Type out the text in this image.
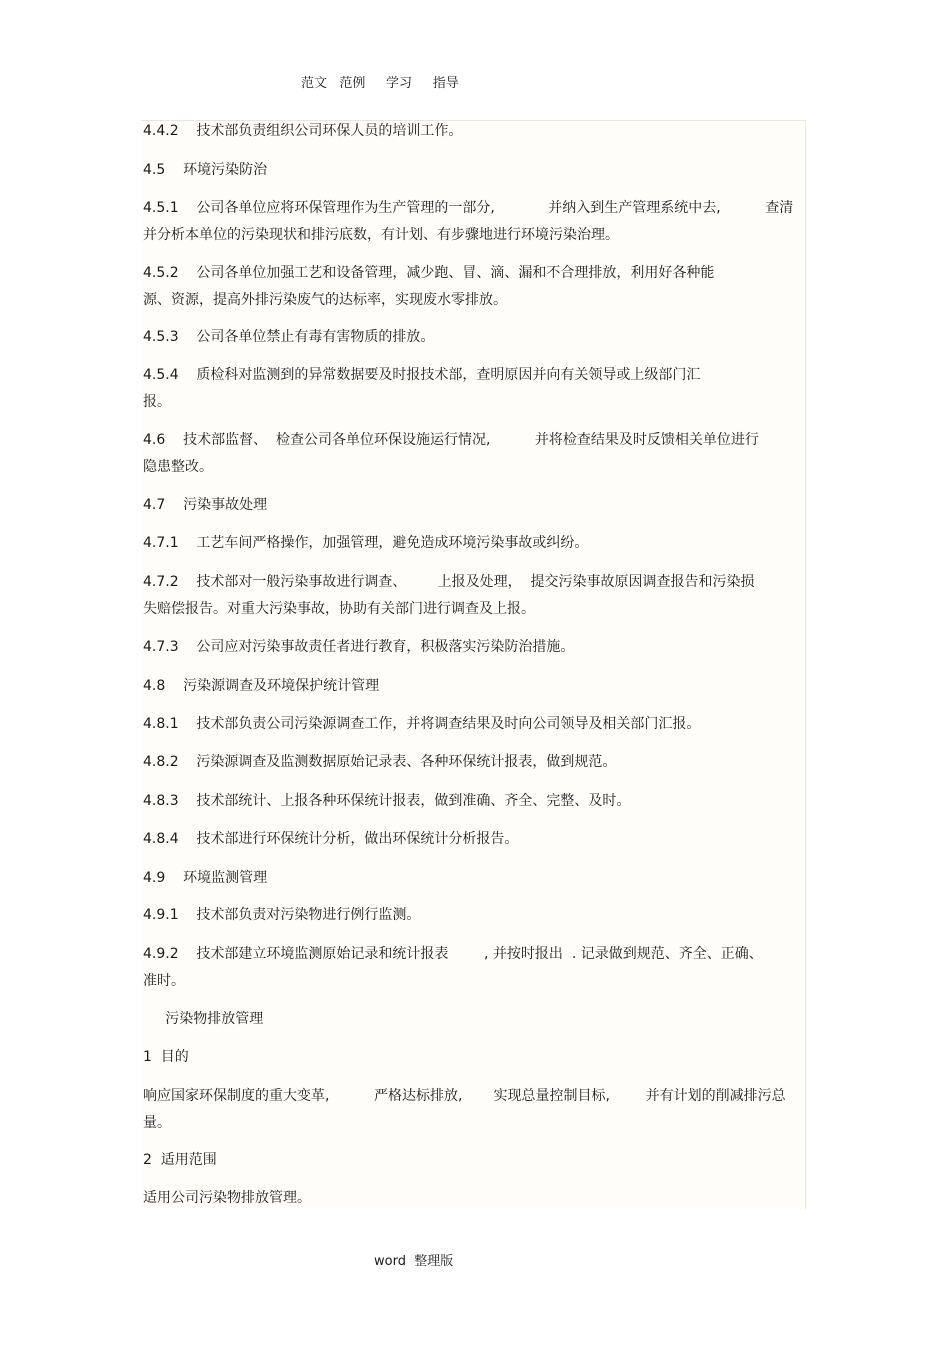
范文   范例     学习     指导

4.4.2    技术部负责组织公司环保人员的培训工作。

4.5    环境污染防治

4.5.1    公司各单位应将环保管理作为生产管理的一部分,            并纳入到生产管理系统中去,          查清
并分析本单位的污染现状和排污底数，有计划、有步骤地进行环境污染治理。

4.5.2    公司各单位加强工艺和设备管理，减少跑、冒、滴、漏和不合理排放，利用好各种能
源、资源，提高外排污染废气的达标率，实现废水零排放。

4.5.3    公司各单位禁止有毒有害物质的排放。

4.5.4    质检科对监测到的异常数据要及时报技术部，查明原因并向有关领导或上级部门汇
报。

4.6    技术部监督、  检查公司各单位环保设施运行情况,          并将检查结果及时反馈相关单位进行
隐患整改。

4.7    污染事故处理

4.7.1    工艺车间严格操作，加强管理，避免造成环境污染事故或纠纷。

4.7.2    技术部对一般污染事故进行调查、       上报及处理，  提交污染事故原因调查报告和污染损
失赔偿报告。对重大污染事故，协助有关部门进行调查及上报。

4.7.3    公司应对污染事故责任者进行教育，积极落实污染防治措施。

4.8    污染源调查及环境保护统计管理

4.8.1    技术部负责公司污染源调查工作，并将调查结果及时向公司领导及相关部门汇报。

4.8.2    污染源调查及监测数据原始记录表、各种环保统计报表，做到规范。

4.8.3    技术部统计、上报各种环保统计报表，做到准确、齐全、完整、及时。

4.8.4    技术部进行环保统计分析，做出环保统计分析报告。

4.9    环境监测管理

4.9.1    技术部负责对污染物进行例行监测。

4.9.2    技术部建立环境监测原始记录和统计报表        , 并按时报出  . 记录做到规范、齐全、正确、
准时。

污染物排放管理

1  目的

响应国家环保制度的重大变革,          严格达标排放,       实现总量控制目标,        并有计划的削减排污总
量。

2  适用范围

适用公司污染物排放管理。

word  整理版
